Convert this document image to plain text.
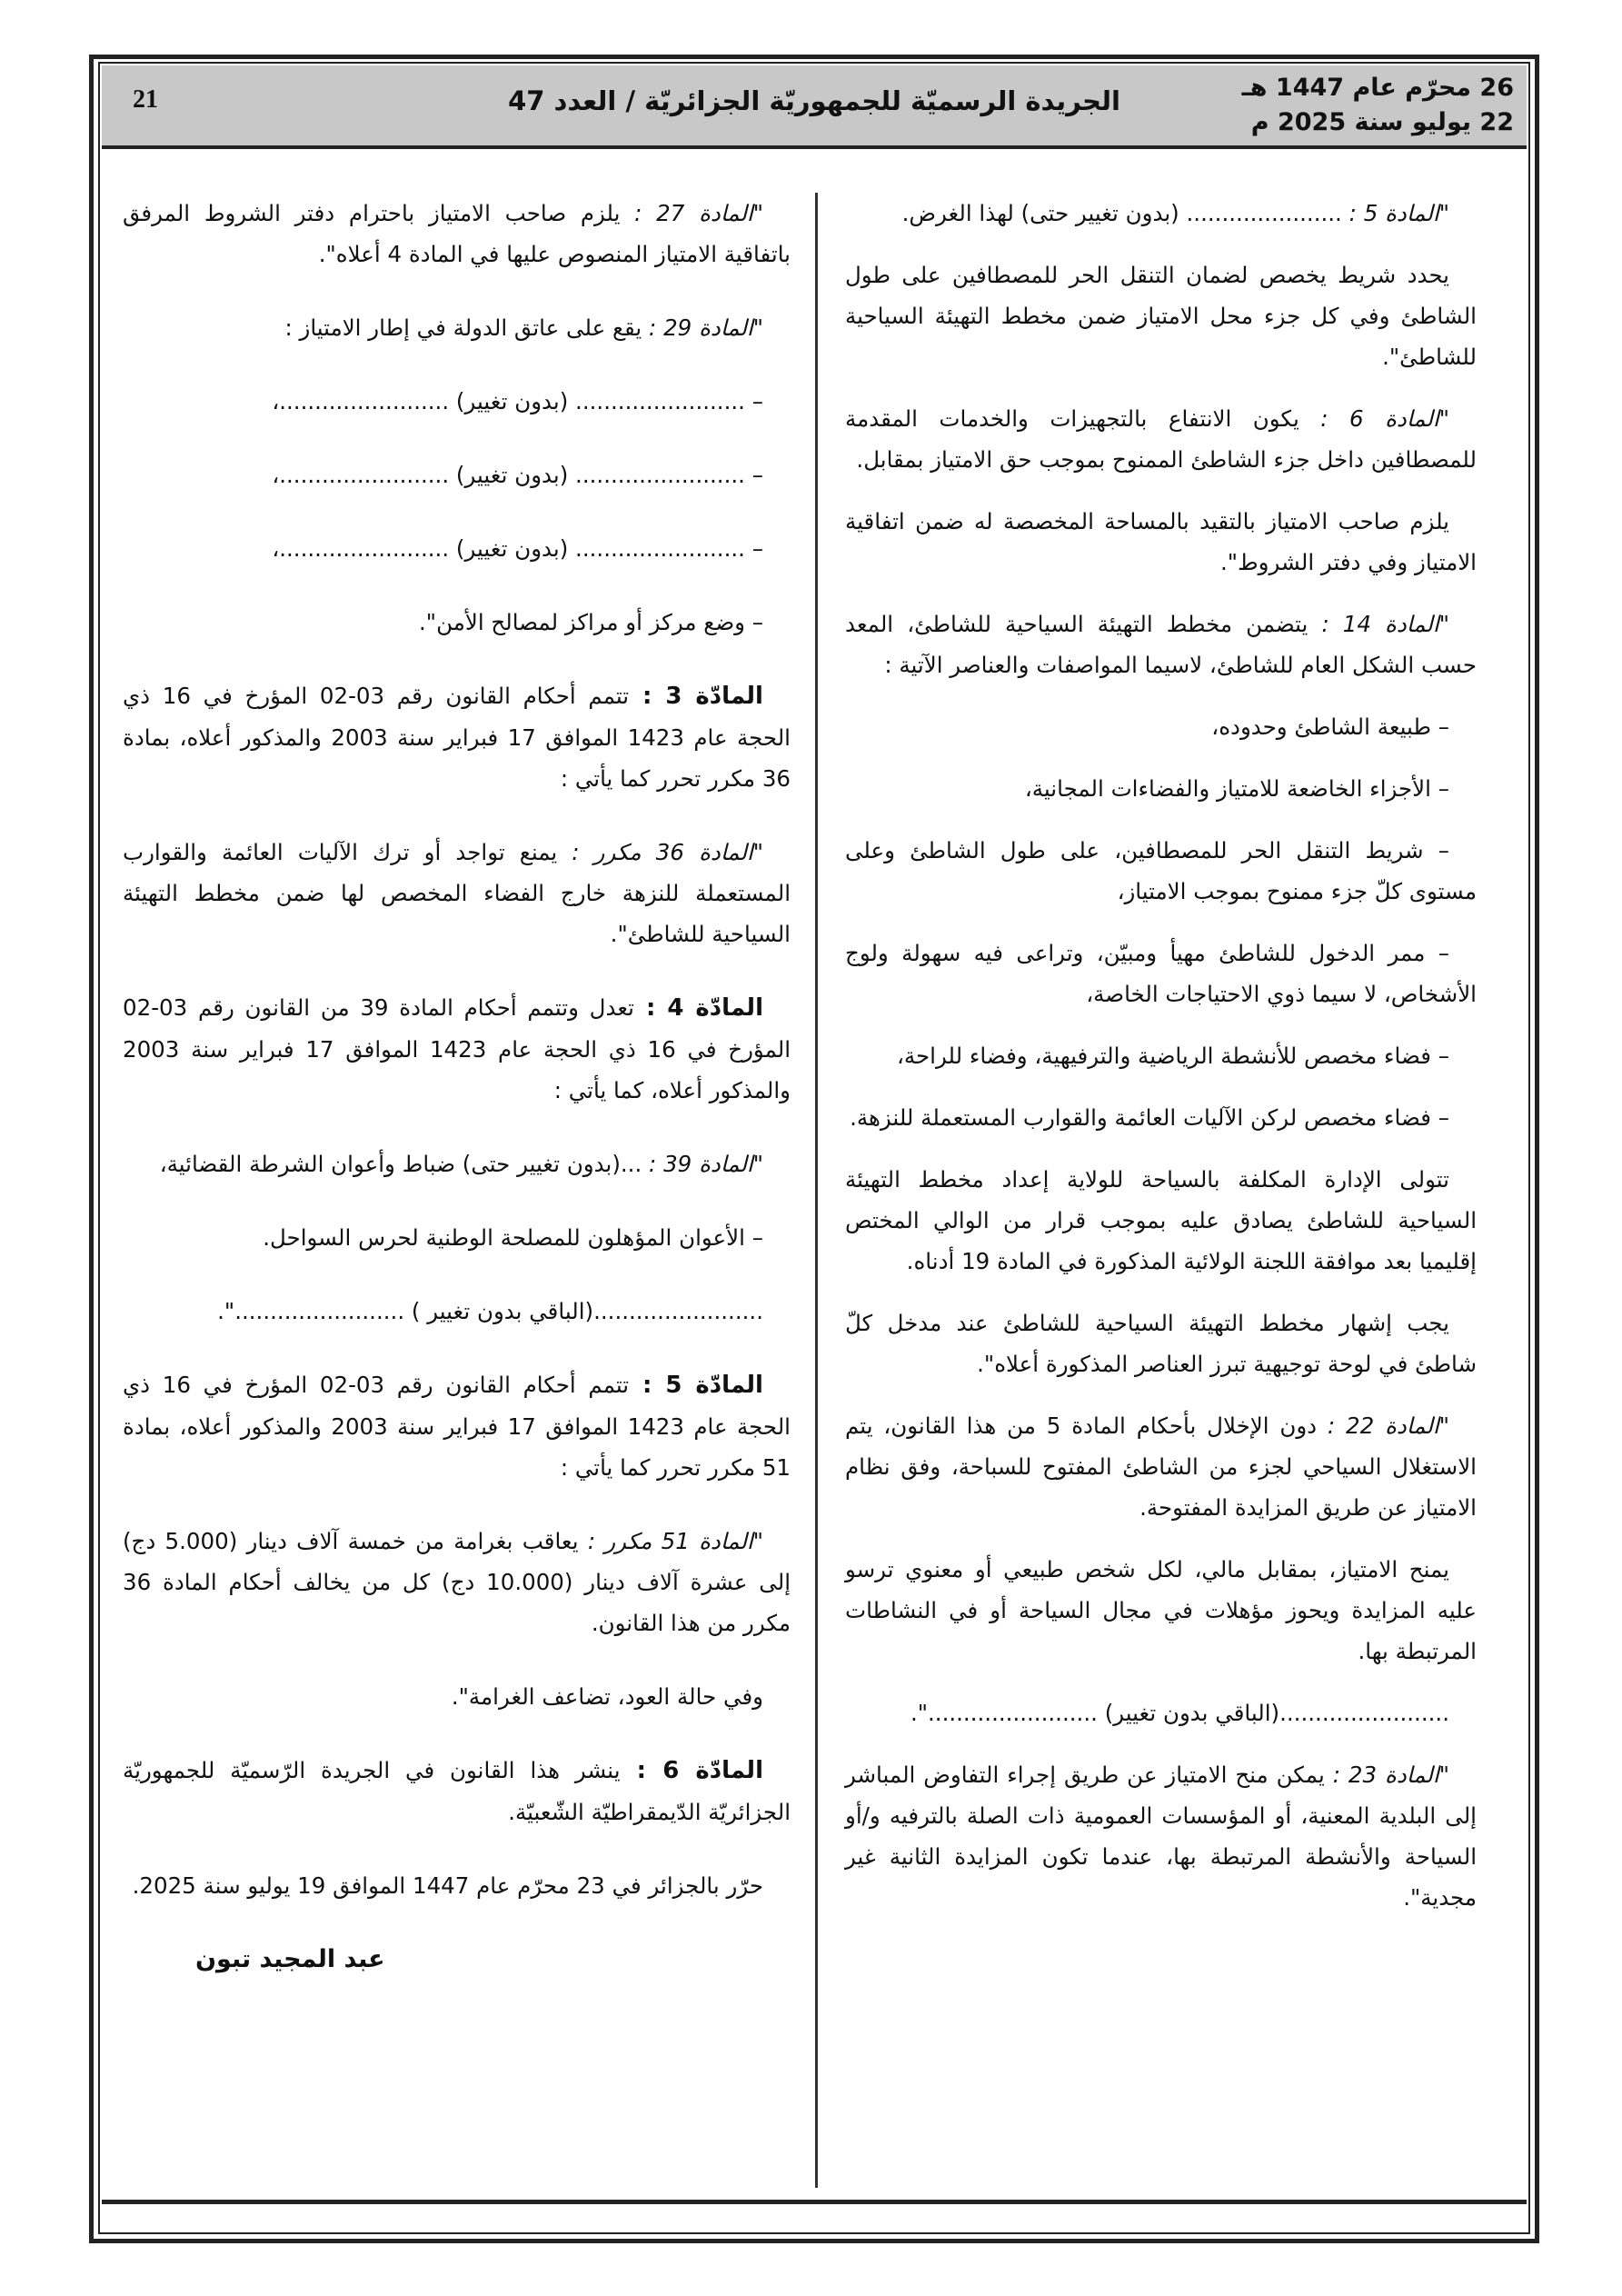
26 محرّم عام 1447 هـ
22 يوليو سنة 2025 م
الجريدة الرسميّة للجمهوريّة الجزائريّة / العدد 47
21

"المادة 5 : ...................... (بدون تغيير حتى) لهذا الغرض.

يحدد شريط يخصص لضمان التنقل الحر للمصطافين على طول الشاطئ وفي كل جزء محل الامتياز ضمن مخطط التهيئة السياحية للشاطئ".

"المادة 6 : يكون الانتفاع بالتجهيزات والخدمات المقدمة للمصطافين داخل جزء الشاطئ الممنوح بموجب حق الامتياز بمقابل.

يلزم صاحب الامتياز بالتقيد بالمساحة المخصصة له ضمن اتفاقية الامتياز وفي دفتر الشروط".

"المادة 14 : يتضمن مخطط التهيئة السياحية للشاطئ، المعد حسب الشكل العام للشاطئ، لاسيما المواصفات والعناصر الآتية :

– طبيعة الشاطئ وحدوده،

– الأجزاء الخاضعة للامتياز والفضاءات المجانية،

– شريط التنقل الحر للمصطافين، على طول الشاطئ وعلى مستوى كلّ جزء ممنوح بموجب الامتياز،

– ممر الدخول للشاطئ مهيأ ومبيّن، وتراعى فيه سهولة ولوج الأشخاص، لا سيما ذوي الاحتياجات الخاصة،

– فضاء مخصص للأنشطة الرياضية والترفيهية، وفضاء للراحة،

– فضاء مخصص لركن الآليات العائمة والقوارب المستعملة للنزهة.

تتولى الإدارة المكلفة بالسياحة للولاية إعداد مخطط التهيئة السياحية للشاطئ يصادق عليه بموجب قرار من الوالي المختص إقليميا بعد موافقة اللجنة الولائية المذكورة في المادة 19 أدناه.

يجب إشهار مخطط التهيئة السياحية للشاطئ عند مدخل كلّ شاطئ في لوحة توجيهية تبرز العناصر المذكورة أعلاه".

"المادة 22 : دون الإخلال بأحكام المادة 5 من هذا القانون، يتم الاستغلال السياحي لجزء من الشاطئ المفتوح للسباحة، وفق نظام الامتياز عن طريق المزايدة المفتوحة.

يمنح الامتياز، بمقابل مالي، لكل شخص طبيعي أو معنوي ترسو عليه المزايدة ويحوز مؤهلات في مجال السياحة أو في النشاطات المرتبطة بها.

........................(الباقي بدون تغيير) ........................".

"المادة 23 : يمكن منح الامتياز عن طريق إجراء التفاوض المباشر إلى البلدية المعنية، أو المؤسسات العمومية ذات الصلة بالترفيه و/أو السياحة والأنشطة المرتبطة بها، عندما تكون المزايدة الثانية غير مجدية".

"المادة 27 : يلزم صاحب الامتياز باحترام دفتر الشروط المرفق باتفاقية الامتياز المنصوص عليها في المادة 4 أعلاه".

"المادة 29 : يقع على عاتق الدولة في إطار الامتياز :

– ........................ (بدون تغيير) ........................،

– ........................ (بدون تغيير) ........................،

– ........................ (بدون تغيير) ........................،

– وضع مركز أو مراكز لمصالح الأمن".

المادّة 3 : تتمم أحكام القانون رقم 03-02 المؤرخ في 16 ذي الحجة عام 1423 الموافق 17 فبراير سنة 2003 والمذكور أعلاه، بمادة 36 مكرر تحرر كما يأتي :

"المادة 36 مكرر : يمنع تواجد أو ترك الآليات العائمة والقوارب المستعملة للنزهة خارج الفضاء المخصص لها ضمن مخطط التهيئة السياحية للشاطئ".

المادّة 4 : تعدل وتتمم أحكام المادة 39 من القانون رقم 03-02 المؤرخ في 16 ذي الحجة عام 1423 الموافق 17 فبراير سنة 2003 والمذكور أعلاه، كما يأتي :

"المادة 39 : ...(بدون تغيير حتى) ضباط وأعوان الشرطة القضائية،

– الأعوان المؤهلون للمصلحة الوطنية لحرس السواحل.

........................(الباقي بدون تغيير ) ........................".

المادّة 5 : تتمم أحكام القانون رقم 03-02 المؤرخ في 16 ذي الحجة عام 1423 الموافق 17 فبراير سنة 2003 والمذكور أعلاه، بمادة 51 مكرر تحرر كما يأتي :

"المادة 51 مكرر : يعاقب بغرامة من خمسة آلاف دينار (5.000 دج) إلى عشرة آلاف دينار (10.000 دج) كل من يخالف أحكام المادة 36 مكرر من هذا القانون.

وفي حالة العود، تضاعف الغرامة".

المادّة 6 : ينشر هذا القانون في الجريدة الرّسميّة للجمهوريّة الجزائريّة الدّيمقراطيّة الشّعبيّة.

حرّر بالجزائر في 23 محرّم عام 1447 الموافق 19 يوليو سنة 2025.

عبد المجيد تبون
